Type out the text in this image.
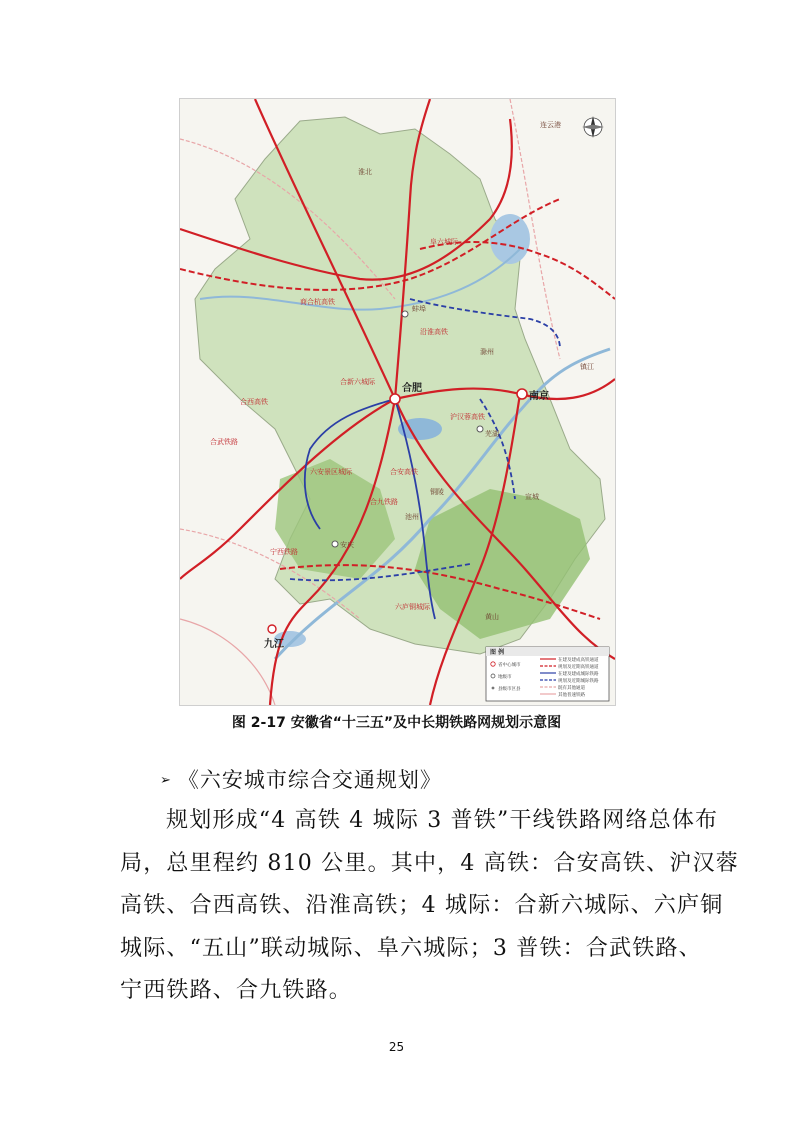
合肥
南京
九江
连云港
淮北
蚌埠
滁州
芜湖
安庆
宣城
黄山
池州
铜陵
镇江
商合杭高铁
合新六城际
合西高铁
沿淮高铁
六安景区城际	合安高铁
合九铁路
阜六城际
宁西铁路
六庐铜城际
沪汉蓉高铁
合武铁路
图 例
省中心城市
地级市
县级市区县
在建及建成高铁通道
规划及近期高铁通道
在建及建成城际铁路
规划及近期城际铁路
既有其他通道
其他普速铁路
图 2-17 安徽省“十三五”及中长期铁路网规划示意图
➢ 《六安城市综合交通规划》
规划形成“4 高铁 4 城际 3 普铁”干线铁路网络总体布
局，总里程约 810 公里。其中，4 高铁：合安高铁、沪汉蓉
高铁、合西高铁、沿淮高铁；4 城际：合新六城际、六庐铜
城际、“五山”联动城际、阜六城际；3 普铁：合武铁路、
宁西铁路、合九铁路。
25
